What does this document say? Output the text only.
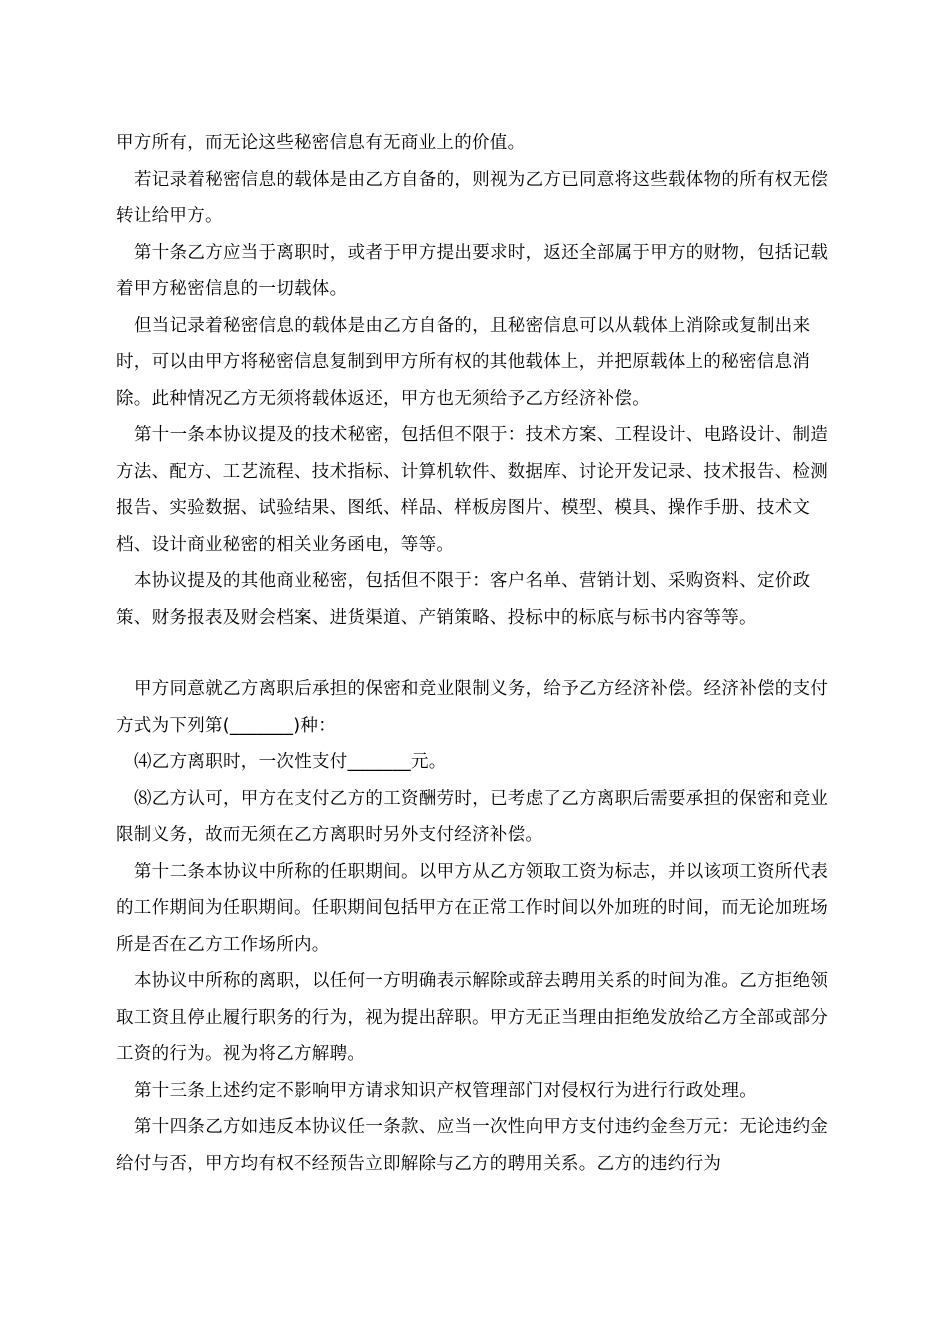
甲方所有，而无论这些秘密信息有无商业上的价值。

若记录着秘密信息的载体是由乙方自备的，则视为乙方已同意将这些载体物的所有权无偿转让给甲方。

第十条乙方应当于离职时，或者于甲方提出要求时，返还全部属于甲方的财物，包括记载着甲方秘密信息的一切载体。

但当记录着秘密信息的载体是由乙方自备的，且秘密信息可以从载体上消除或复制出来时，可以由甲方将秘密信息复制到甲方所有权的其他载体上，并把原载体上的秘密信息消除。此种情况乙方无须将载体返还，甲方也无须给予乙方经济补偿。

第十一条本协议提及的技术秘密，包括但不限于：技术方案、工程设计、电路设计、制造方法、配方、工艺流程、技术指标、计算机软件、数据库、讨论开发记录、技术报告、检测报告、实验数据、试验结果、图纸、样品、样板房图片、模型、模具、操作手册、技术文档、设计商业秘密的相关业务函电，等等。

本协议提及的其他商业秘密，包括但不限于：客户名单、营销计划、采购资料、定价政策、财务报表及财会档案、进货渠道、产销策略、投标中的标底与标书内容等等。

甲方同意就乙方离职后承担的保密和竞业限制义务，给予乙方经济补偿。经济补偿的支付方式为下列第(_______)种：

⑷乙方离职时，一次性支付_______元。

⑻乙方认可，甲方在支付乙方的工资酬劳时，已考虑了乙方离职后需要承担的保密和竞业限制义务，故而无须在乙方离职时另外支付经济补偿。

第十二条本协议中所称的任职期间。以甲方从乙方领取工资为标志，并以该项工资所代表的工作期间为任职期间。任职期间包括甲方在正常工作时间以外加班的时间，而无论加班场所是否在乙方工作场所内。

本协议中所称的离职，以任何一方明确表示解除或辞去聘用关系的时间为准。乙方拒绝领取工资且停止履行职务的行为，视为提出辞职。甲方无正当理由拒绝发放给乙方全部或部分工资的行为。视为将乙方解聘。

第十三条上述约定不影响甲方请求知识产权管理部门对侵权行为进行行政处理。

第十四条乙方如违反本协议任一条款、应当一次性向甲方支付违约金叁万元：无论违约金给付与否，甲方均有权不经预告立即解除与乙方的聘用关系。乙方的违约行为
